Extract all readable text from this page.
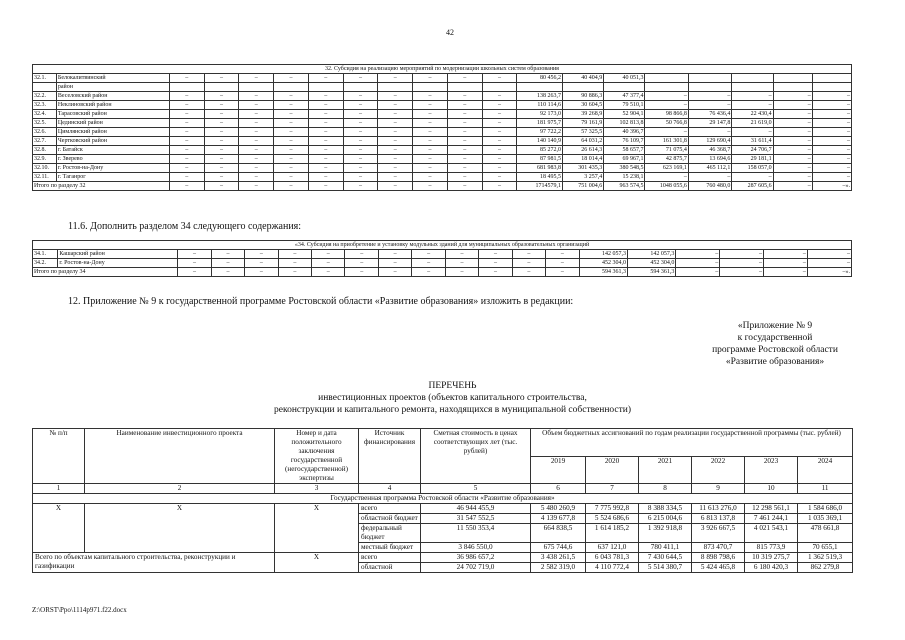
42
32. Субсидия на реализацию мероприятий по модернизации школьных систем образования																			
32.1.	Белокалитвинский	–	–	–	–	–	–	–	–	–	–	80 456,2	40 404,9	40 051,3					
	район																		
32.2.	Веселовский район	–	–	–	–	–	–	–	–	–	–	138 263,7	90 886,3	47 377,4	–	–	–	–	–
32.3.	Неклиновский район	–	–	–	–	–	–	–	–	–	–	110 114,6	30 604,5	79 510,1	–	–	–	–	–
32.4.	Тарасовский район	–	–	–	–	–	–	–	–	–	–	92 173,0	39 268,9	52 904,1	98 866,8	76 436,4	22 430,4	–	–
32.5.	Цединский район	–	–	–	–	–	–	–	–	–	–	181 975,7	79 161,9	102 813,8	50 766,8	29 147,8	21 619,0	–	–
32.6.	Цимлянский район	–	–	–	–	–	–	–	–	–	–	97 722,2	57 325,5	40 396,7	–	–	–	–	–
32.7.	Чертковский район	–	–	–	–	–	–	–	–	–	–	140 140,9	64 031,2	76 109,7	161 301,8	129 690,4	31 611,4	–	–
32.8.	г. Батайск	–	–	–	–	–	–	–	–	–	–	85 272,0	26 614,3	58 657,7	71 075,4	46 368,7	24 706,7	–	–
32.9.	г. Зверево	–	–	–	–	–	–	–	–	–	–	87 981,5	18 014,4	69 967,1	42 875,7	13 694,6	29 181,1	–	–
32.10.	г. Ростов-на-Дону	–	–	–	–	–	–	–	–	–	–	681 983,8	301 435,3	380 548,5	623 169,1	465 112,1	158 057,0	–	–
32.11.	г. Таганрог	–	–	–	–	–	–	–	–	–	–	18 495,5	3 257,4	15 238,1	–	–	–	–	–
Итого по разделу 32		–	–	–	–	–	–	–	–	–	–	1714579,1	751 004,6	963 574,5	1048 055,6	760 480,0	287 605,6	–	–».
11.6. Дополнить разделом 34 следующего содержания:
«34. Субсидия на приобретение и установку модульных зданий для муниципальных образовательных организаций																			
34.1.	Кашарский район	–	–	–	–	–	–	–	–	–	–	–	–	142 057,3	142 057,3	–	–	–	–
34.2.	г. Ростов-на-Дону	–	–	–	–	–	–	–	–	–	–	–	–	452 304,0	452 304,0	–	–	–	–
Итого по разделу 34		–	–	–	–	–	–	–	–	–	–	–	–	594 361,3	594 361,3	–	–	–	–».
12. Приложение № 9 к государственной программе Ростовской области «Развитие образования» изложить в редакции:
«Приложение № 9
к государственной
программе Ростовской области
«Развитие образования»
ПЕРЕЧЕНЬ
инвестиционных проектов (объектов капитального строительства,
реконструкции и капитального ремонта, находящихся в муниципальной собственности)
№ п/п	Наименование инвестиционного проекта	Номер и дата положительного заключения государственной (негосударственной) экспертизы	Источник финансирования	Сметная стоимость в ценах соответствующих лет (тыс. рублей)	Объем бюджетных ассигнований по годам реализации государственной программы (тыс. рублей)					
					2019	2020	2021	2022	2023	2024
1	2	3	4	5	6	7	8	9	10	11
Государственная программа Ростовской области «Развитие образования»										
X	X	X	всего	46 944 455,9	5 480 260,9	7 775 992,8	8 388 334,5	11 613 276,0	12 298 561,1	1 584 686,0
			областной бюджет	31 547 552,5	4 139 677,8	5 524 686,6	6 215 004,6	6 813 137,8	7 461 244,1	1 035 369,1
			федеральный бюджет	11 550 353,4	664 838,5	1 614 185,2	1 392 918,8	3 926 667,5	4 021 543,1	478 661,8
			местный бюджет	3 846 550,0	675 744,6	637 121,0	780 411,1	873 470,7	815 773,9	70 655,1
Всего по объектам капитального строительства, реконструкции и газификации		X	всего	36 986 657,2	3 438 261,5	6 043 781,3	7 430 644,5	8 898 798,6	10 319 275,7	1 362 519,3
			областной	24 702 719,0	2 582 319,0	4 110 772,4	5 514 380,7	5 424 465,8	6 180 420,3	862 279,8
Z:\ORST\Ppo\1114p971.f22.docx
